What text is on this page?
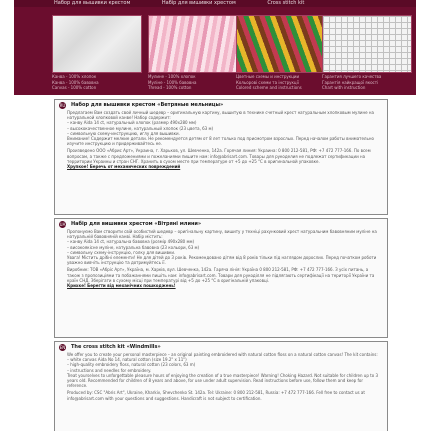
Набор для вышивки крестом	Набір для вишивки хрестом	Cross stitch kit
Канва - 100% хлопок
Канва - 100% бавовна
Canvas - 100% cotton
Мулине - 100% хлопок
Муліне - 100% бавовна
Thread - 100% cotton
Цветные схемы и инструкции
Кольорові схеми та інструкції
Colored scheme and instructions
Гарантия лучшего качества
Гарантія найкращої якості
Chart with instruction
RU Набор для вышивки крестом «Ветряные мельницы»

Предлагаем Вам создать свой личный шедевр – оригинальную картину, вышитую в технике счетный крест натуральным хлопковым мулине на натуральной хлопковой канве! Набор содержит:

– канву Aida 14 ct, натуральный хлопок (размер 490х280 мм)

– высококачественное мулине, натуральный хлопок (23 цвета, 63 м)

– символьную схему-инструкцию, иглу для вышивки.

Внимание! Содержит мелкие детали. Не рекомендуется детям от 8 лет только под присмотром взрослых. Перед началом работы внимательно изучите инструкцию и придерживайтесь ее.

Произведено ООО «Абрис Арт», Украина, г. Харьков, ул. Шевченко, 142а. Горячая линия: Украина: 0 800 212-581, РФ: +7 472 777-166. По всем вопросам, а также с предложениями и пожеланиями пишите нам: info@abrisart.com. Товары для рукоделия не подлежат сертификации на территории Украины и стран СНГ. Хранить в сухом месте при температуре от +5 до +25 °С в оригинальной упаковке.

Хрупкое! Беречь от механических повреждений

UA Набір для вишивки хрестом «Вітряні млини»

Пропонуємо Вам створити свій особистий шедевр – оригінальну картину, вишиту у техніці рахунковий хрест натуральним бавовняним муліне на натуральній бавовняній канві. Набір містить:

– канву Aida 14 ct, натуральна бавовна (розмір 490х280 мм)

– високоякісне муліне, натуральна бавовна (23 кольори, 63 м)

– символьну схему-інструкцію, голку для вишивки.

Увага! Містить дрібні елементи! Не для дітей до 3 років. Рекомендовано дітям від 8 років тільки під наглядом дорослих. Перед початком роботи уважно вивчіть інструкцію та дотримуйтесь її.

Виробник: ТОВ «Абріс Арт», Україна, м. Харків, вул. Шевченка, 142а. Гаряча лінія: Україна 0 800 212-581, РФ: +7 472 777-166. З усіх питань, а також з пропозиціями та побажаннями пишіть нам: info@abrisart.com. Товари для рукоділля не підлягають сертифікації на території України та країн СНД. Зберігати в сухому місці при температурі від +5 до +25 °С в оригінальній упаковці.

Крихке! Берегти від механічних пошкоджень!

EN The cross stitch kit «Windmills»

We offer you to create your personal masterpiece – an original painting embroidered with natural cotton floss on a natural cotton canvas! The kit contains:

– white canvas Aida No 14, natural cotton (size 19.2" x 11")

– high-quality embroidery floss, natural cotton (23 colors, 63 m)

– instructions and needles for embroidery.

Treat yourselves to unforgettable pleasure hours of enjoying the creation of a true masterpiece! Warning! Choking Hazard. Not suitable for children up to 3 years old. Recommended for children of 8 years and above, for use under adult supervision. Read instructions before use, follow them and keep for reference.

Produced by: CSC "Abris Art", Ukraine, Kharkiv, Shevchenko St. 142a. Tel: Ukraine: 0 800 212-581, Russia: +7 472 777-166. Fell free to contact us at info@abrisart.com with your questions and suggestions. Handicraft is not subject to certification.
